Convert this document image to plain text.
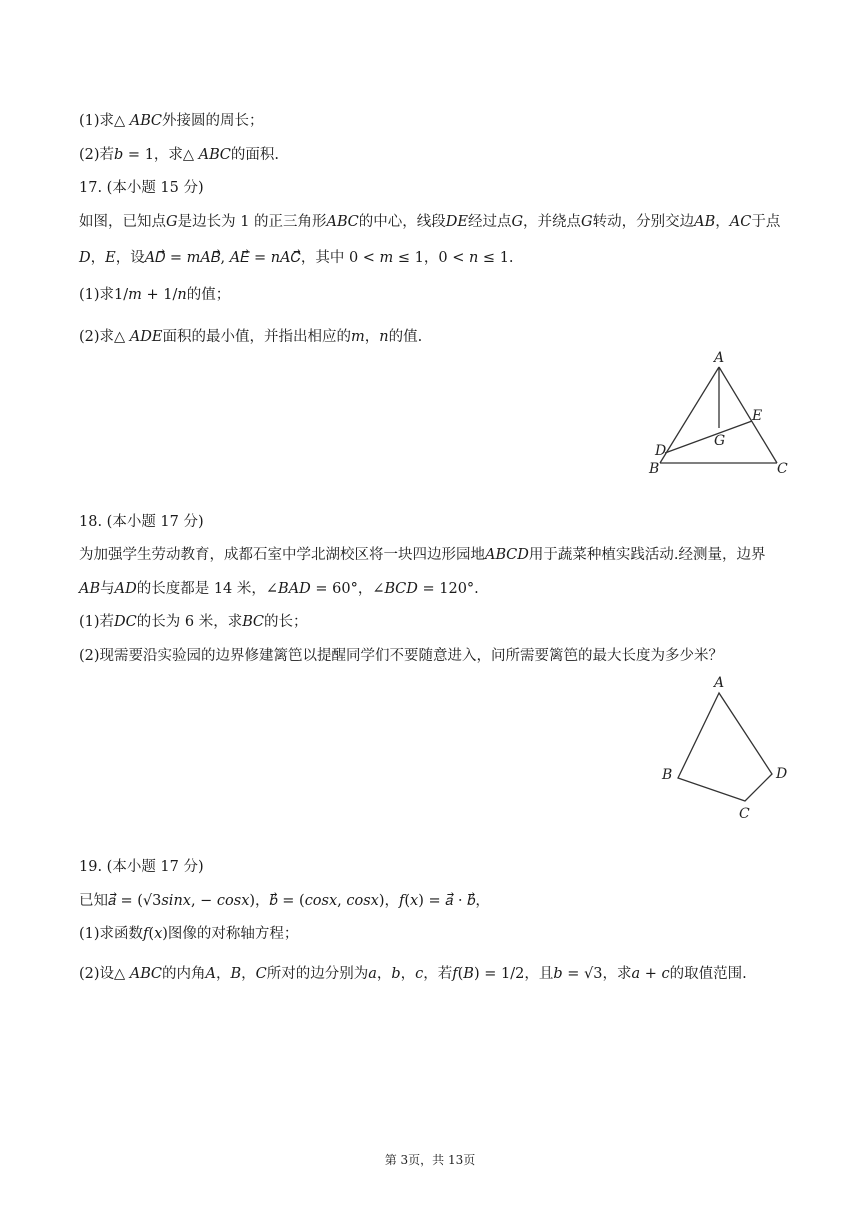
(1)求△ 𝐴𝐵𝐶外接圆的周长；
(2)若𝑏 = 1，求△ 𝐴𝐵𝐶的面积.
17. (本小题 15 分)
如图，已知点𝐺是边长为 1 的正三角形𝐴𝐵𝐶的中心，线段𝐷𝐸经过点𝐺，并绕点𝐺转动，分别交边𝐴𝐵，𝐴𝐶于点
𝐷，𝐸，设𝐴𝐷⃗ = 𝑚𝐴𝐵⃗, 𝐴𝐸⃗ = 𝑛𝐴𝐶⃗，其中 0 < 𝑚 ≤ 1，0 < 𝑛 ≤ 1.
(1)求1/𝑚 + 1/𝑛的值；
(2)求△ 𝐴𝐷𝐸面积的最小值，并指出相应的𝑚，𝑛的值.
A
B	C
D
E
G
18. (本小题 17 分)
为加强学生劳动教育，成都石室中学北湖校区将一块四边形园地𝐴𝐵𝐶𝐷用于蔬菜种植实践活动.经测量，边界
𝐴𝐵与𝐴𝐷的长度都是 14 米，∠𝐵𝐴𝐷 = 60°，∠𝐵𝐶𝐷 = 120°.
(1)若𝐷𝐶的长为 6 米，求𝐵𝐶的长；
(2)现需要沿实验园的边界修建篱笆以提醒同学们不要随意进入，问所需要篱笆的最大长度为多少米？
A
B
C
D
19. (本小题 17 分)
已知𝑎⃗ = (√3𝑠𝑖𝑛𝑥, − 𝑐𝑜𝑠𝑥)，𝑏⃗ = (𝑐𝑜𝑠𝑥, 𝑐𝑜𝑠𝑥)，𝑓(𝑥) = 𝑎⃗ ⋅ 𝑏⃗，
(1)求函数𝑓(𝑥)图像的对称轴方程；
(2)设△ 𝐴𝐵𝐶的内角𝐴，𝐵，𝐶所对的边分别为𝑎，𝑏，𝑐，若𝑓(𝐵) = 1/2，且𝑏 = √3，求𝑎 + 𝑐的取值范围.
第 3页，共 13页
